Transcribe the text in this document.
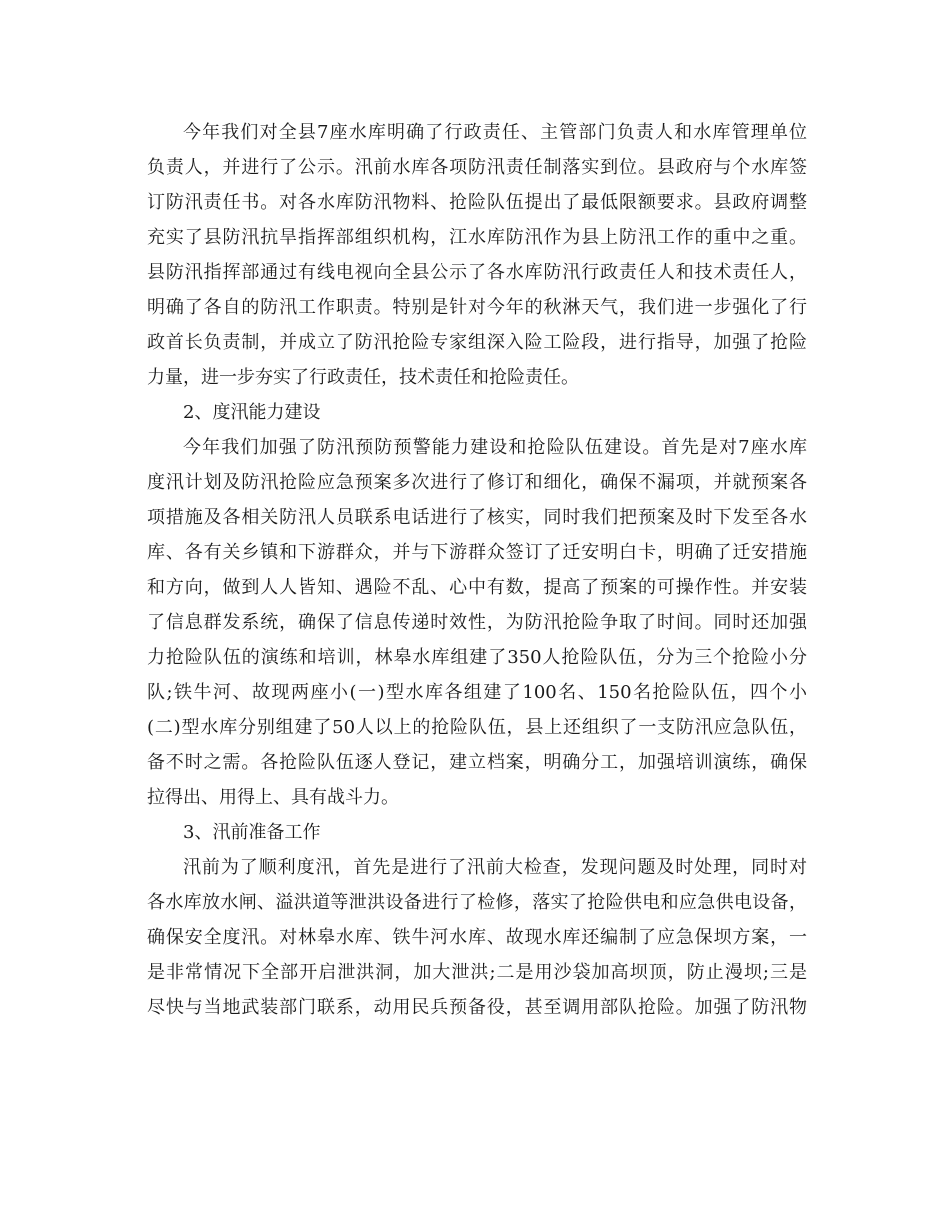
今年我们对全县7座水库明确了行政责任、主管部门负责人和水库管理单位
负责人，并进行了公示。汛前水库各项防汛责任制落实到位。县政府与个水库签
订防汛责任书。对各水库防汛物料、抢险队伍提出了最低限额要求。县政府调整
充实了县防汛抗旱指挥部组织机构，江水库防汛作为县上防汛工作的重中之重。
县防汛指挥部通过有线电视向全县公示了各水库防汛行政责任人和技术责任人，
明确了各自的防汛工作职责。特别是针对今年的秋淋天气，我们进一步强化了行
政首长负责制，并成立了防汛抢险专家组深入险工险段，进行指导，加强了抢险
力量，进一步夯实了行政责任，技术责任和抢险责任。
2、度汛能力建设
今年我们加强了防汛预防预警能力建设和抢险队伍建设。首先是对7座水库
度汛计划及防汛抢险应急预案多次进行了修订和细化，确保不漏项，并就预案各
项措施及各相关防汛人员联系电话进行了核实，同时我们把预案及时下发至各水
库、各有关乡镇和下游群众，并与下游群众签订了迁安明白卡，明确了迁安措施
和方向，做到人人皆知、遇险不乱、心中有数，提高了预案的可操作性。并安装
了信息群发系统，确保了信息传递时效性，为防汛抢险争取了时间。同时还加强
力抢险队伍的演练和培训，林皋水库组建了350人抢险队伍，分为三个抢险小分
队;铁牛河、故现两座小(一)型水库各组建了100名、150名抢险队伍，四个小
(二)型水库分别组建了50人以上的抢险队伍，县上还组织了一支防汛应急队伍，
备不时之需。各抢险队伍逐人登记，建立档案，明确分工，加强培训演练，确保
拉得出、用得上、具有战斗力。
3、汛前准备工作
汛前为了顺利度汛，首先是进行了汛前大检查，发现问题及时处理，同时对
各水库放水闸、溢洪道等泄洪设备进行了检修，落实了抢险供电和应急供电设备，
确保安全度汛。对林皋水库、铁牛河水库、故现水库还编制了应急保坝方案，一
是非常情况下全部开启泄洪洞，加大泄洪;二是用沙袋加高坝顶，防止漫坝;三是
尽快与当地武装部门联系，动用民兵预备役，甚至调用部队抢险。加强了防汛物
